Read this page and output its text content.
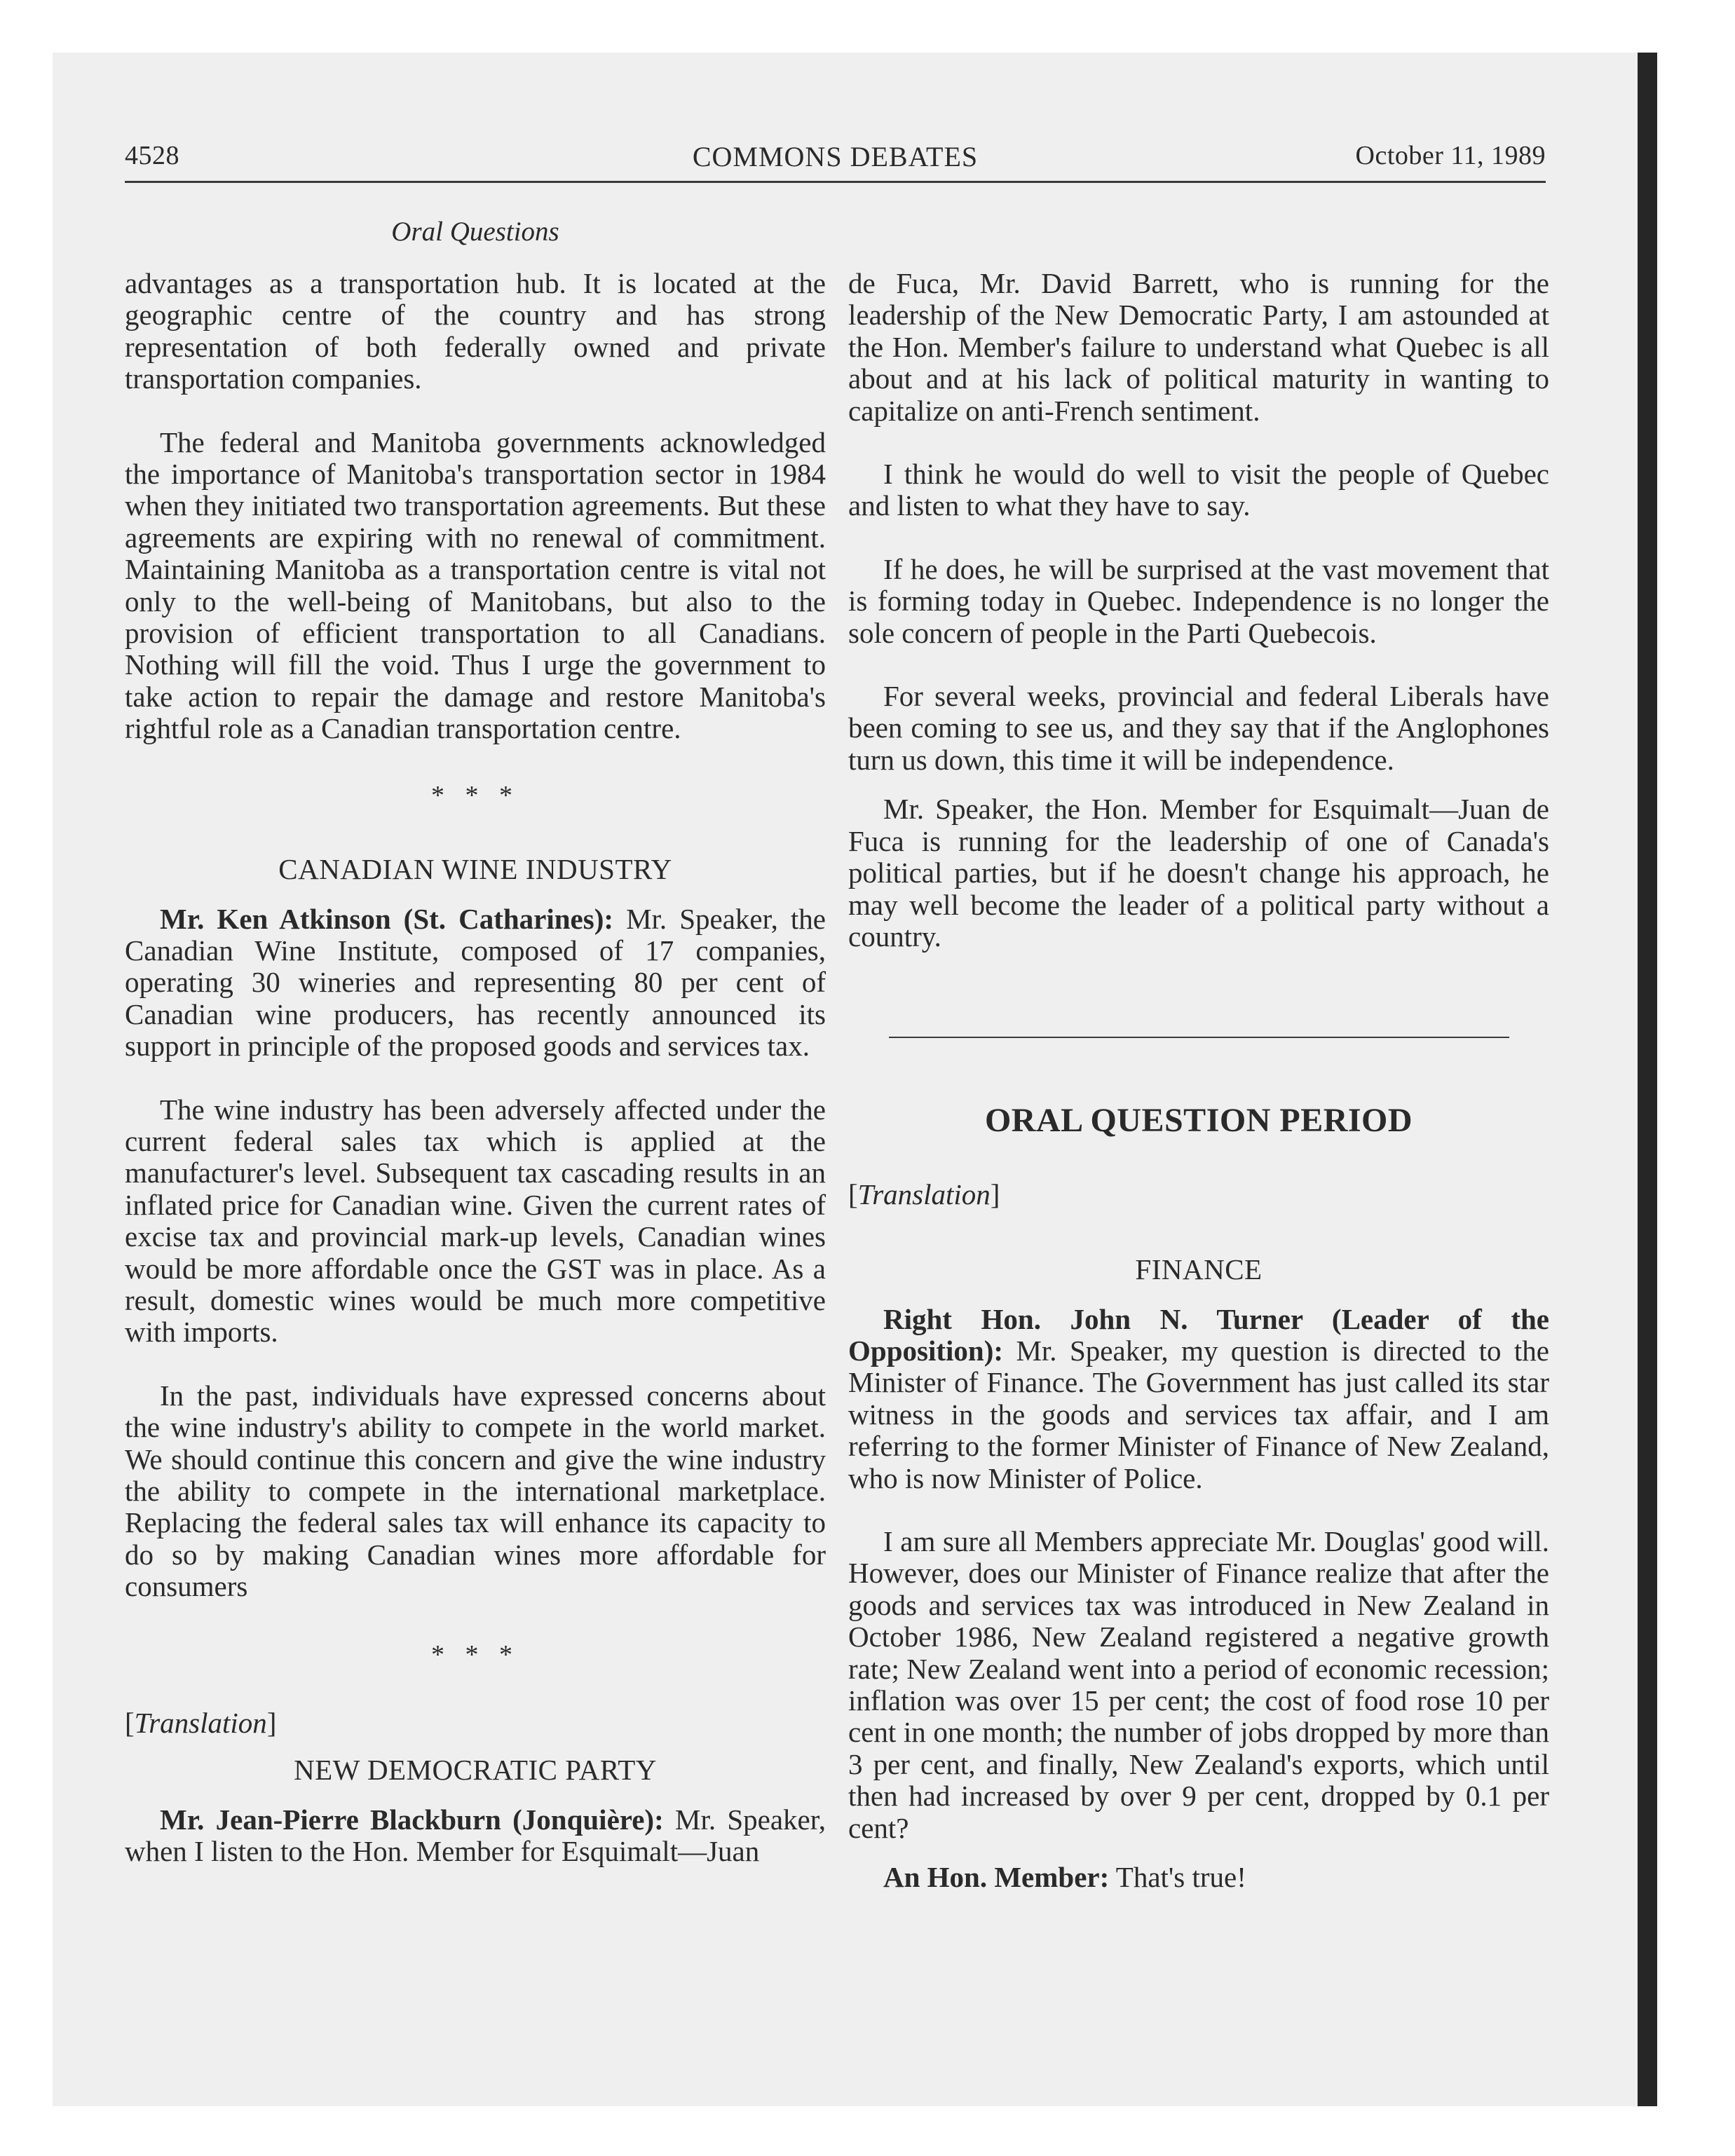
4528	COMMONS DEBATES	October 11, 1989
Oral Questions

advantages as a transportation hub. It is located at the geographic centre of the country and has strong representation of both federally owned and private transportation companies.

The federal and Manitoba governments acknowledged the importance of Manitoba's transportation sector in 1984 when they initiated two transportation agreements. But these agreements are expiring with no renewal of commitment. Maintaining Manitoba as a transportation centre is vital not only to the well-being of Manitobans, but also to the provision of efficient transportation to all Canadians. Nothing will fill the void. Thus I urge the government to take action to repair the damage and restore Manitoba's rightful role as a Canadian transportation centre.

* * *

CANADIAN WINE INDUSTRY

Mr. Ken Atkinson (St. Catharines): Mr. Speaker, the Canadian Wine Institute, composed of 17 companies, operating 30 wineries and representing 80 per cent of Canadian wine producers, has recently announced its support in principle of the proposed goods and services tax.

The wine industry has been adversely affected under the current federal sales tax which is applied at the manufacturer's level. Subsequent tax cascading results in an inflated price for Canadian wine. Given the current rates of excise tax and provincial mark-up levels, Canadian wines would be more affordable once the GST was in place. As a result, domestic wines would be much more competitive with imports.

In the past, individuals have expressed concerns about the wine industry's ability to compete in the world market. We should continue this concern and give the wine industry the ability to compete in the international marketplace. Replacing the federal sales tax will enhance its capacity to do so by making Canadian wines more affordable for consumers

* * *

[Translation]

NEW DEMOCRATIC PARTY

Mr. Jean-Pierre Blackburn (Jonquière): Mr. Speaker, when I listen to the Hon. Member for Esquimalt—Juan

de Fuca, Mr. David Barrett, who is running for the leadership of the New Democratic Party, I am astounded at the Hon. Member's failure to understand what Quebec is all about and at his lack of political maturity in wanting to capitalize on anti-French sentiment.

I think he would do well to visit the people of Quebec and listen to what they have to say.

If he does, he will be surprised at the vast movement that is forming today in Quebec. Independence is no longer the sole concern of people in the Parti Quebecois.

For several weeks, provincial and federal Liberals have been coming to see us, and they say that if the Anglophones turn us down, this time it will be independence.

Mr. Speaker, the Hon. Member for Esquimalt—Juan de Fuca is running for the leadership of one of Canada's political parties, but if he doesn't change his approach, he may well become the leader of a political party without a country.

ORAL QUESTION PERIOD

[Translation]

FINANCE

Right Hon. John N. Turner (Leader of the Opposition): Mr. Speaker, my question is directed to the Minister of Finance. The Government has just called its star witness in the goods and services tax affair, and I am referring to the former Minister of Finance of New Zealand, who is now Minister of Police.

I am sure all Members appreciate Mr. Douglas' good will. However, does our Minister of Finance realize that after the goods and services tax was introduced in New Zealand in October 1986, New Zealand registered a negative growth rate; New Zealand went into a period of economic recession; inflation was over 15 per cent; the cost of food rose 10 per cent in one month; the number of jobs dropped by more than 3 per cent, and finally, New Zealand's exports, which until then had increased by over 9 per cent, dropped by 0.1 per cent?

An Hon. Member: That's true!
